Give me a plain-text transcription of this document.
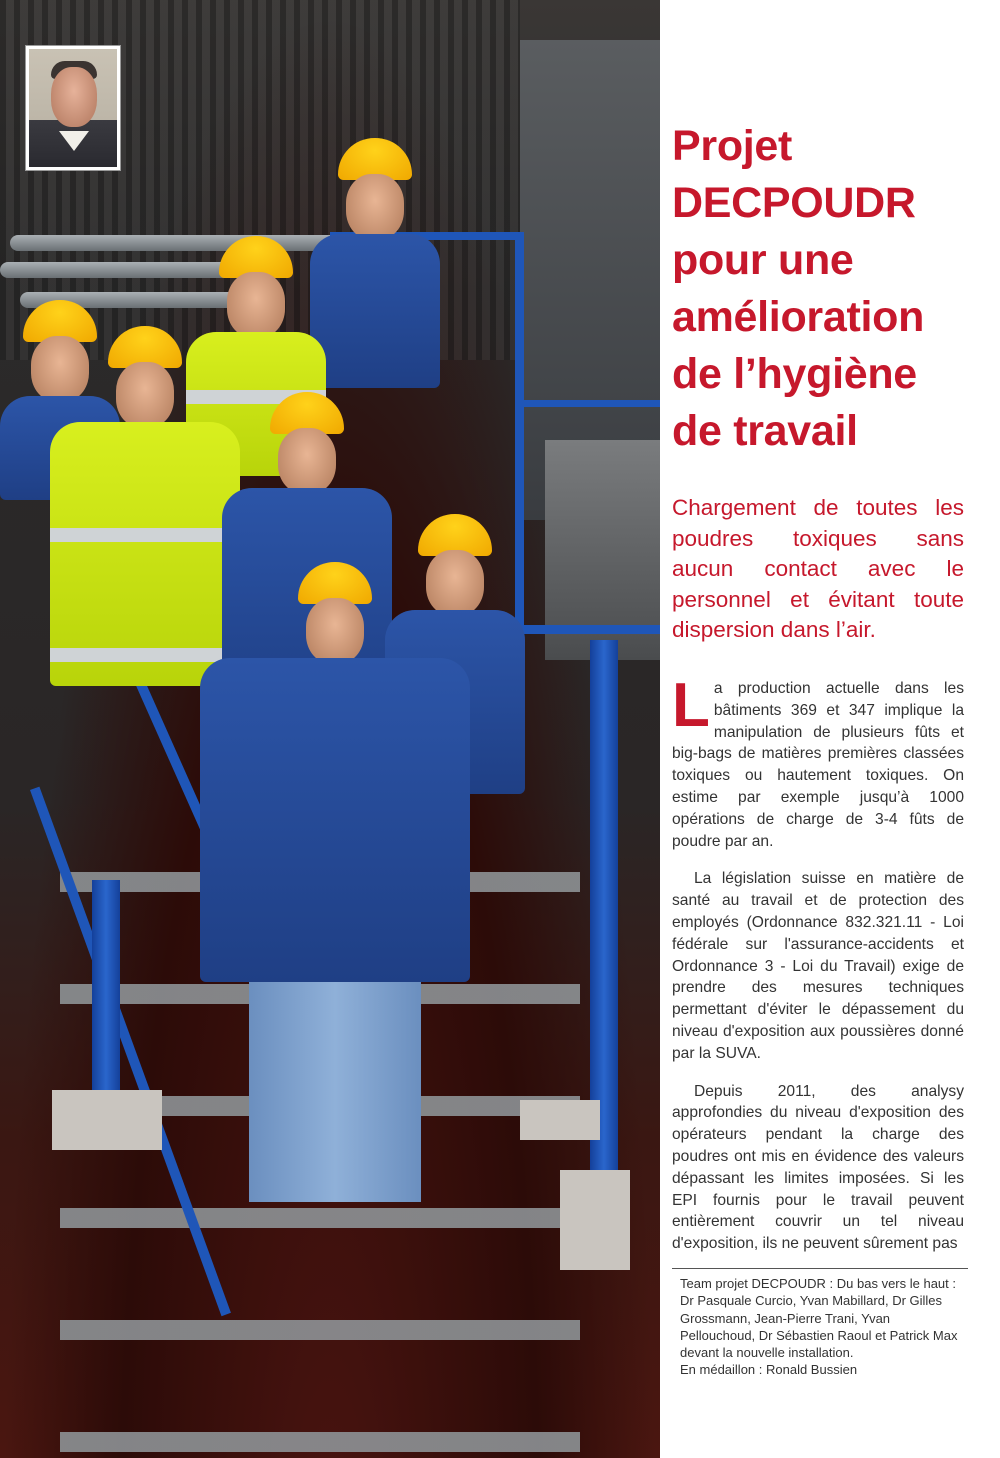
Projet
DECPOUDR
pour une
amélioration
de l’hygiène
de travail

Chargement de toutes les poudres toxiques sans aucun contact avec le personnel et évitant toute dispersion dans l’air.

La production actuelle dans les bâtiments 369 et 347 implique la manipulation de plusieurs fûts et big-bags de matières premières classées toxiques ou hautement toxiques. On estime par exemple jusqu’à 1000 opérations de charge de 3-4 fûts de poudre par an.

La législation suisse en matière de santé au travail et de protection des employés (Ordonnance 832.321.11 - Loi fédérale sur l'assurance-accidents et Ordonnance 3 - Loi du Travail) exige de prendre des mesures techniques permettant d'éviter le dépassement du niveau d'exposition aux poussières donné par la SUVA.

Depuis 2011, des analysy approfondies du niveau d'exposition des opérateurs pendant la charge des poudres ont mis en évidence des valeurs dépassant les limites imposées. Si les EPI fournis pour le travail peuvent entièrement couvrir un tel niveau d'exposition, ils ne peuvent sûrement pas

Team projet DECPOUDR : Du bas vers le haut : Dr Pasquale Curcio, Yvan Mabillard, Dr Gilles Grossmann, Jean-Pierre Trani, Yvan Pellouchoud, Dr Sébastien Raoul et Patrick Max devant la nouvelle installation.
En médaillon : Ronald Bussien
